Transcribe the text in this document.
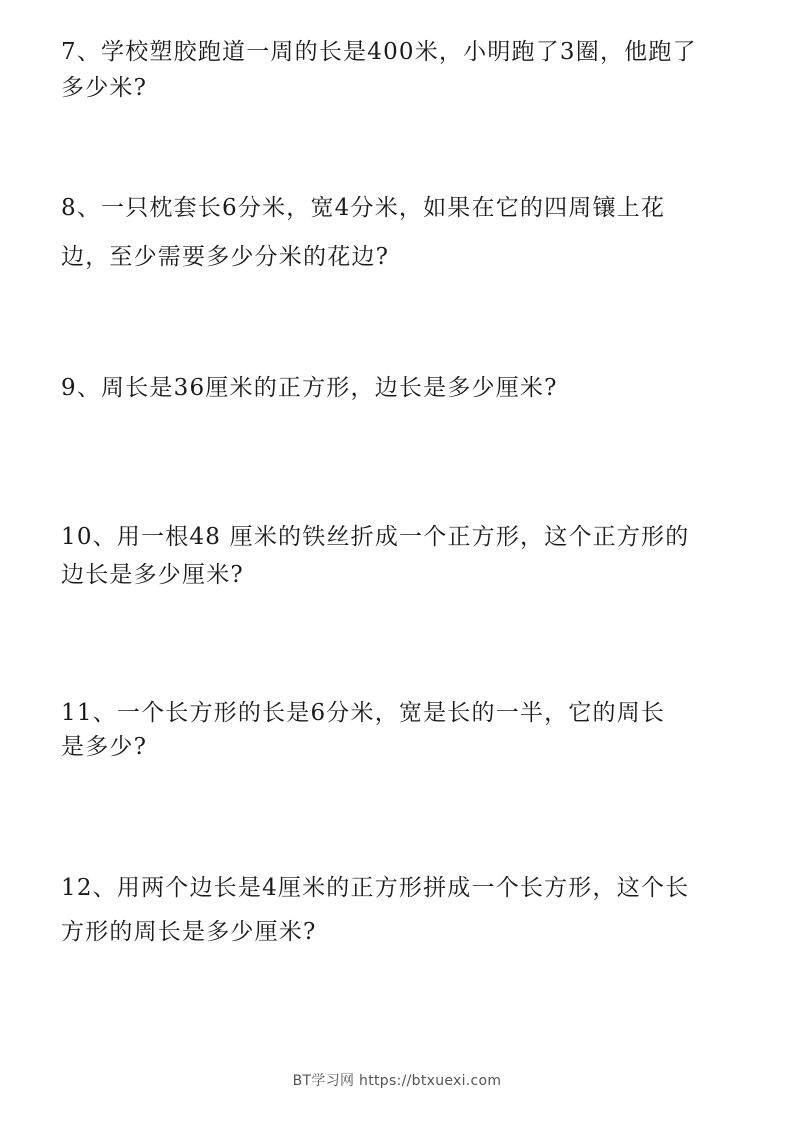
7、学校塑胶跑道一周的长是400米，小明跑了3圈，他跑了
多少米?

8、一只枕套长6分米，宽4分米，如果在它的四周镶上花
边，至少需要多少分米的花边?

9、周长是36厘米的正方形，边长是多少厘米?

10、用一根48 厘米的铁丝折成一个正方形，这个正方形的
边长是多少厘米?

11、一个长方形的长是6分米，宽是长的一半，它的周长
是多少?

12、用两个边长是4厘米的正方形拼成一个长方形，这个长
方形的周长是多少厘米?

BT学习网 https://btxuexi.com
